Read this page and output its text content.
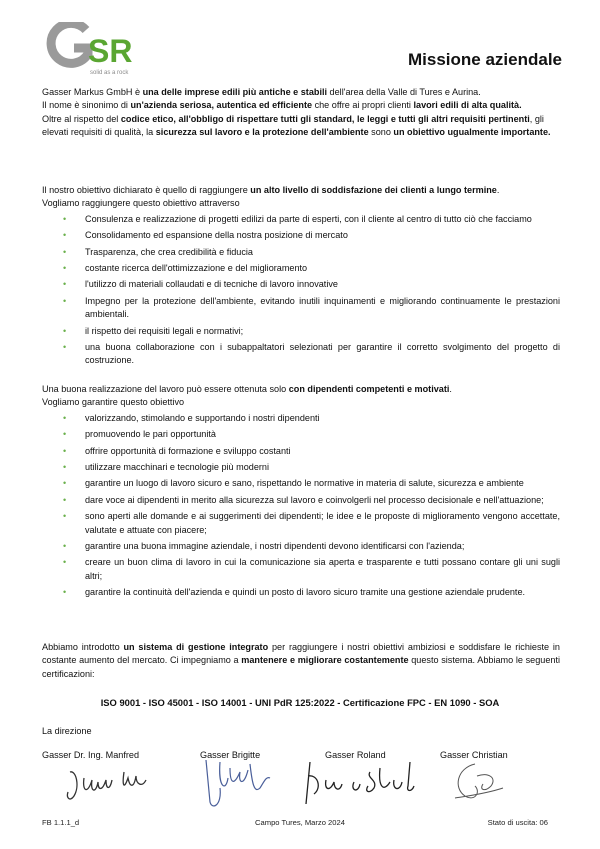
SR
solid as a rock
Missione aziendale

Gasser Markus GmbH è una delle imprese edili più antiche e stabili dell'area della Valle di Tures e Aurina.

Il nome è sinonimo di un'azienda seriosa, autentica ed efficiente che offre ai propri clienti lavori edili di alta qualità.

Oltre al rispetto del codice etico, all'obbligo di rispettare tutti gli standard, le leggi e tutti gli altri requisiti pertinenti, gli elevati requisiti di qualità, la sicurezza sul lavoro e la protezione dell'ambiente sono un obiettivo ugualmente importante.

Il nostro obiettivo dichiarato è quello di raggiungere un alto livello di soddisfazione dei clienti a lungo termine.
Vogliamo raggiungere questo obiettivo attraverso
• Consulenza e realizzazione di progetti edilizi da parte di esperti, con il cliente al centro di tutto ciò che facciamo
• Consolidamento ed espansione della nostra posizione di mercato
• Trasparenza, che crea credibilità e fiducia
• costante ricerca dell'ottimizzazione e del miglioramento
• l'utilizzo di materiali collaudati e di tecniche di lavoro innovative
• Impegno per la protezione dell'ambiente, evitando inutili inquinamenti e migliorando continuamente le prestazioni ambientali.
• il rispetto dei requisiti legali e normativi;
• una buona collaborazione con i subappaltatori selezionati per garantire il corretto svolgimento del progetto di costruzione.
Una buona realizzazione del lavoro può essere ottenuta solo con dipendenti competenti e motivati.
Vogliamo garantire questo obiettivo
• valorizzando, stimolando e supportando i nostri dipendenti
• promuovendo le pari opportunità
• offrire opportunità di formazione e sviluppo costanti
• utilizzare macchinari e tecnologie più moderni
• garantire un luogo di lavoro sicuro e sano, rispettando le normative in materia di salute, sicurezza e ambiente
• dare voce ai dipendenti in merito alla sicurezza sul lavoro e coinvolgerli nel processo decisionale e nell'attuazione;
• sono aperti alle domande e ai suggerimenti dei dipendenti; le idee e le proposte di miglioramento vengono accettate, valutate e attuate con piacere;
• garantire una buona immagine aziendale, i nostri dipendenti devono identificarsi con l'azienda;
• creare un buon clima di lavoro in cui la comunicazione sia aperta e trasparente e tutti possano contare gli uni sugli altri;
• garantire la continuità dell'azienda e quindi un posto di lavoro sicuro tramite una gestione aziendale prudente.
Abbiamo introdotto un sistema di gestione integrato per raggiungere i nostri obiettivi ambiziosi e soddisfare le richieste in costante aumento del mercato. Ci impegniamo a mantenere e migliorare costantemente questo sistema. Abbiamo le seguenti certificazioni:
ISO 9001 - ISO 45001 - ISO 14001 - UNI PdR 125:2022 - Certificazione FPC - EN 1090 - SOA
La direzione
Gasser Dr. Ing. Manfred	Gasser Brigitte	Gasser Roland	Gasser Christian
FB 1.1.1_d	Campo Tures, Marzo 2024	Stato di uscita: 06
